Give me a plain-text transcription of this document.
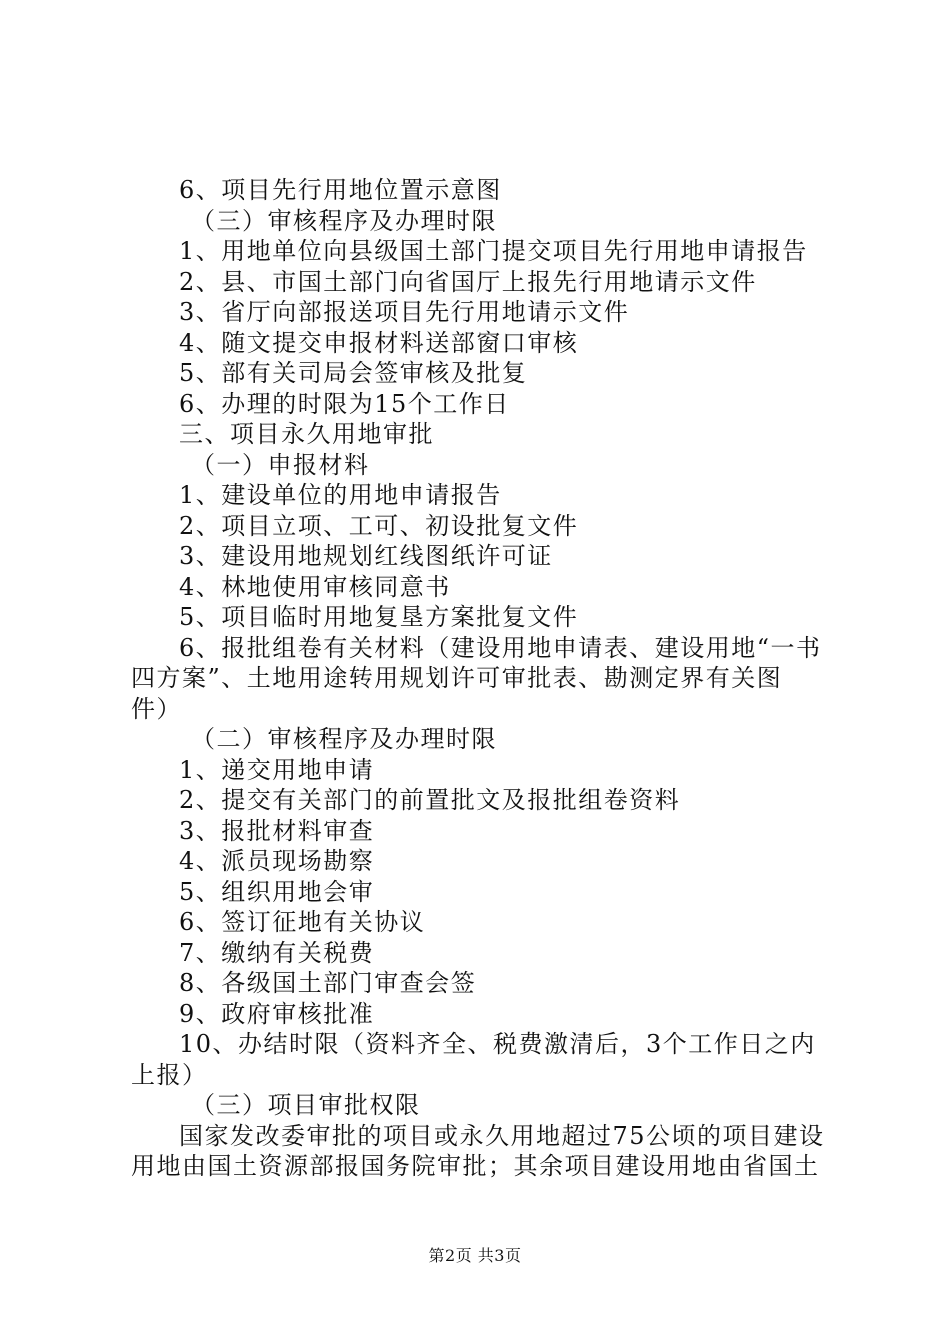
6、项目先行用地位置示意图
（三）审核程序及办理时限
1、用地单位向县级国土部门提交项目先行用地申请报告
2、县、市国土部门向省国厅上报先行用地请示文件
3、省厅向部报送项目先行用地请示文件
4、随文提交申报材料送部窗口审核
5、部有关司局会签审核及批复
6、办理的时限为15个工作日
三、项目永久用地审批
（一）申报材料
1、建设单位的用地申请报告
2、项目立项、工可、初设批复文件
3、建设用地规划红线图纸许可证
4、林地使用审核同意书
5、项目临时用地复垦方案批复文件
6、报批组卷有关材料（建设用地申请表、建设用地“一书
四方案”、土地用途转用规划许可审批表、勘测定界有关图
件）
（二）审核程序及办理时限
1、递交用地申请
2、提交有关部门的前置批文及报批组卷资料
3、报批材料审查
4、派员现场勘察
5、组织用地会审
6、签订征地有关协议
7、缴纳有关税费
8、各级国土部门审查会签
9、政府审核批准
10、办结时限（资料齐全、税费激清后，3个工作日之内
上报）
（三）项目审批权限
国家发改委审批的项目或永久用地超过75公顷的项目建设
用地由国土资源部报国务院审批；其余项目建设用地由省国土
第2页 共3页
